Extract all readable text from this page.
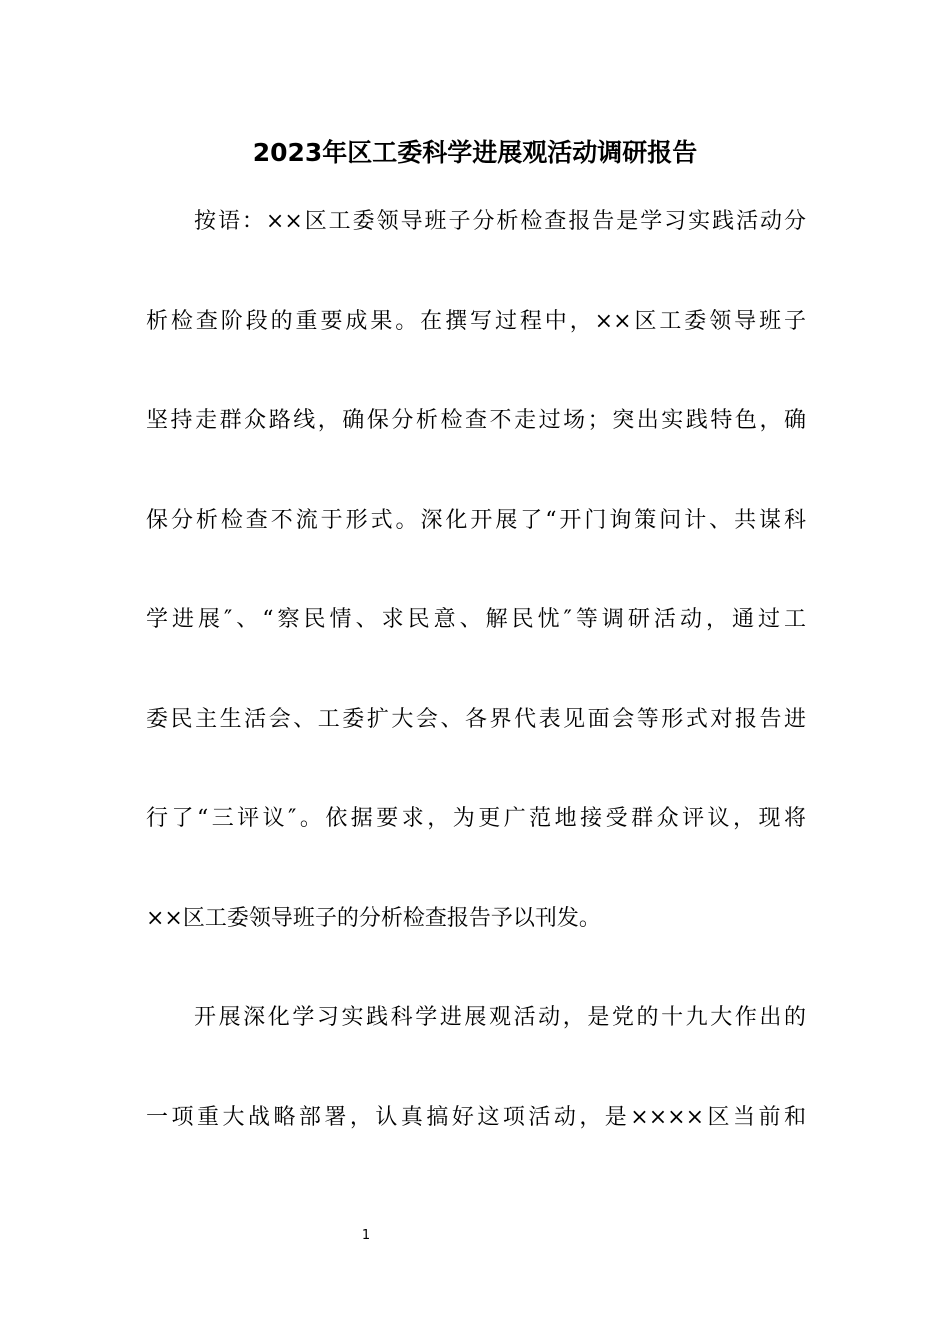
2023年区工委科学进展观活动调研报告
按语：××区工委领导班子分析检查报告是学习实践活动分
析检查阶段的重要成果。在撰写过程中，××区工委领导班子
坚持走群众路线，确保分析检查不走过场；突出实践特色，确
保分析检查不流于形式。深化开展了“开门询策问计、共谋科
学进展″、“察民情、求民意、解民忧″等调研活动，通过工
委民主生活会、工委扩大会、各界代表见面会等形式对报告进
行了“三评议″。依据要求，为更广范地接受群众评议，现将
××区工委领导班子的分析检查报告予以刊发。
开展深化学习实践科学进展观活动，是党的十九大作出的
一项重大战略部署，认真搞好这项活动，是××××区当前和
1
